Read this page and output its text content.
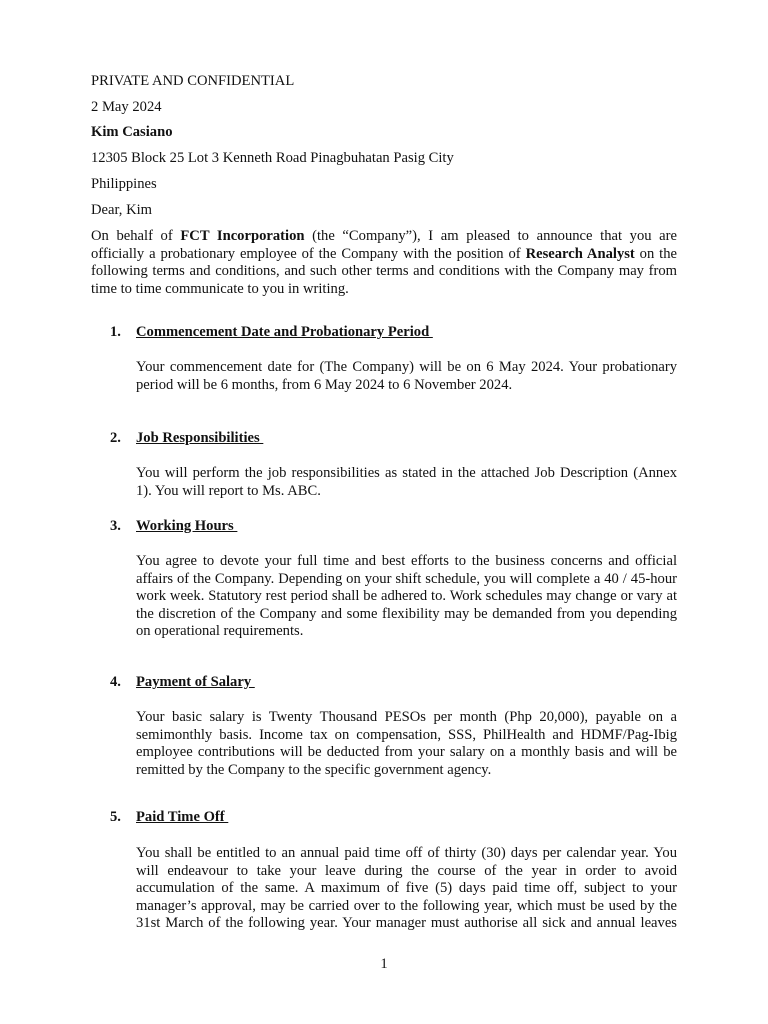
PRIVATE AND CONFIDENTIAL

2 May 2024

Kim Casiano

12305 Block 25 Lot 3 Kenneth Road Pinagbuhatan Pasig City

Philippines

Dear, Kim

On behalf of FCT Incorporation (the “Company”), I am pleased to announce that you are officially a probationary employee of the Company with the position of Research Analyst on the following terms and conditions, and such other terms and conditions with the Company may from time to time communicate to you in writing.

1. Commencement Date and Probationary Period

Your commencement date for (The Company) will be on 6 May 2024. Your probationary period will be 6 months, from 6 May 2024 to 6 November 2024.

2. Job Responsibilities

You will perform the job responsibilities as stated in the attached Job Description (Annex 1). You will report to Ms. ABC.

3. Working Hours

You agree to devote your full time and best efforts to the business concerns and official affairs of the Company. Depending on your shift schedule, you will complete a 40 / 45-hour work week. Statutory rest period shall be adhered to. Work schedules may change or vary at the discretion of the Company and some flexibility may be demanded from you depending on operational requirements.

4. Payment of Salary

Your basic salary is Twenty Thousand PESOs per month (Php 20,000), payable on a semimonthly basis. Income tax on compensation, SSS, PhilHealth and HDMF/Pag-Ibig employee contributions will be deducted from your salary on a monthly basis and will be remitted by the Company to the specific government agency.

5. Paid Time Off

You shall be entitled to an annual paid time off of thirty (30) days per calendar year. You will endeavour to take your leave during the course of the year in order to avoid accumulation of the same. A maximum of five (5) days paid time off, subject to your manager’s approval, may be carried over to the following year, which must be used by the 31st March of the following year. Your manager must authorise all sick and annual leaves

1
